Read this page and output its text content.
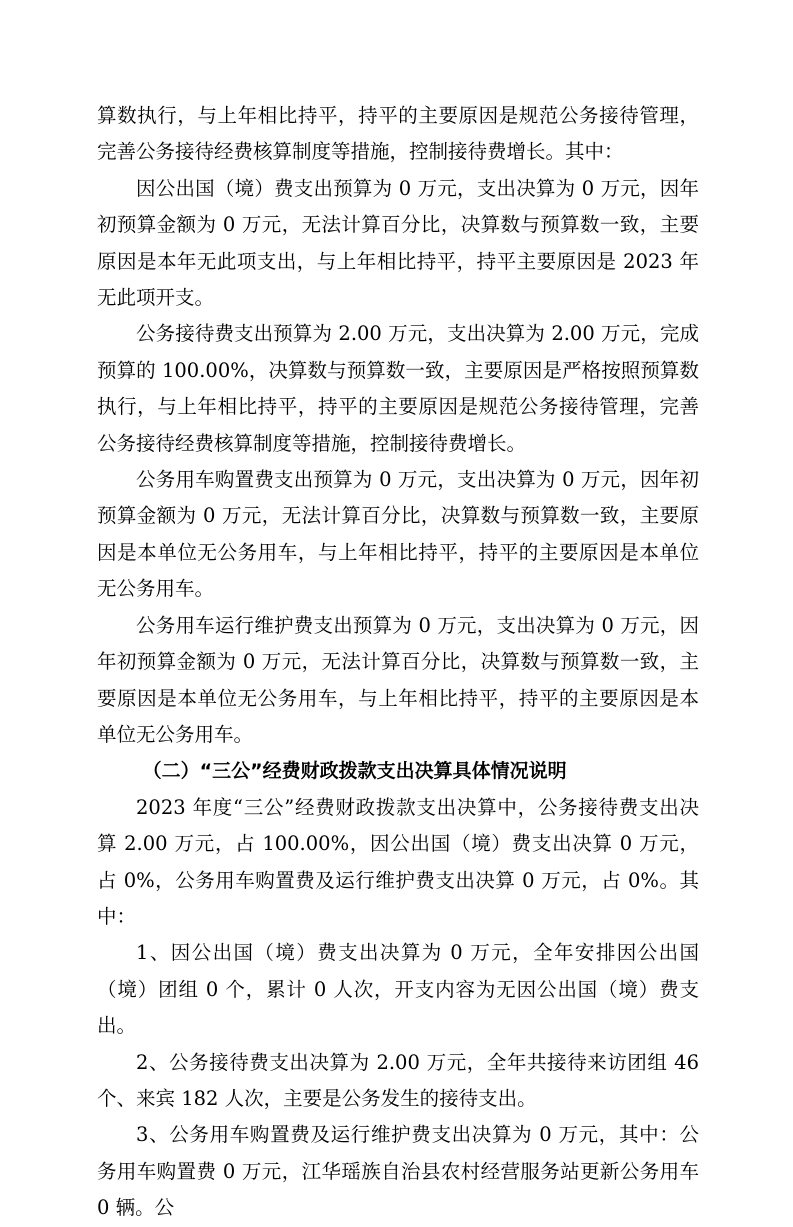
算数执行，与上年相比持平，持平的主要原因是规范公务接待管理，完善公务接待经费核算制度等措施，控制接待费增长。其中：

因公出国（境）费支出预算为 0 万元，支出决算为 0 万元，因年初预算金额为 0 万元，无法计算百分比，决算数与预算数一致，主要原因是本年无此项支出，与上年相比持平，持平主要原因是 2023 年无此项开支。

公务接待费支出预算为 2.00 万元，支出决算为 2.00 万元，完成预算的 100.00%，决算数与预算数一致，主要原因是严格按照预算数执行，与上年相比持平，持平的主要原因是规范公务接待管理，完善公务接待经费核算制度等措施，控制接待费增长。

公务用车购置费支出预算为 0 万元，支出决算为 0 万元，因年初预算金额为 0 万元，无法计算百分比，决算数与预算数一致，主要原因是本单位无公务用车，与上年相比持平，持平的主要原因是本单位无公务用车。

公务用车运行维护费支出预算为 0 万元，支出决算为 0 万元，因年初预算金额为 0 万元，无法计算百分比，决算数与预算数一致，主要原因是本单位无公务用车，与上年相比持平，持平的主要原因是本单位无公务用车。

（二）“三公”经费财政拨款支出决算具体情况说明

2023 年度“三公”经费财政拨款支出决算中，公务接待费支出决算 2.00 万元，占 100.00%，因公出国（境）费支出决算 0 万元，占 0%，公务用车购置费及运行维护费支出决算 0 万元，占 0%。其中：

1、因公出国（境）费支出决算为 0 万元，全年安排因公出国（境）团组 0 个，累计 0 人次，开支内容为无因公出国（境）费支出。

2、公务接待费支出决算为 2.00 万元，全年共接待来访团组 46 个、来宾 182 人次，主要是公务发生的接待支出。

3、公务用车购置费及运行维护费支出决算为 0 万元，其中：公务用车购置费 0 万元，江华瑶族自治县农村经营服务站更新公务用车 0 辆。公
